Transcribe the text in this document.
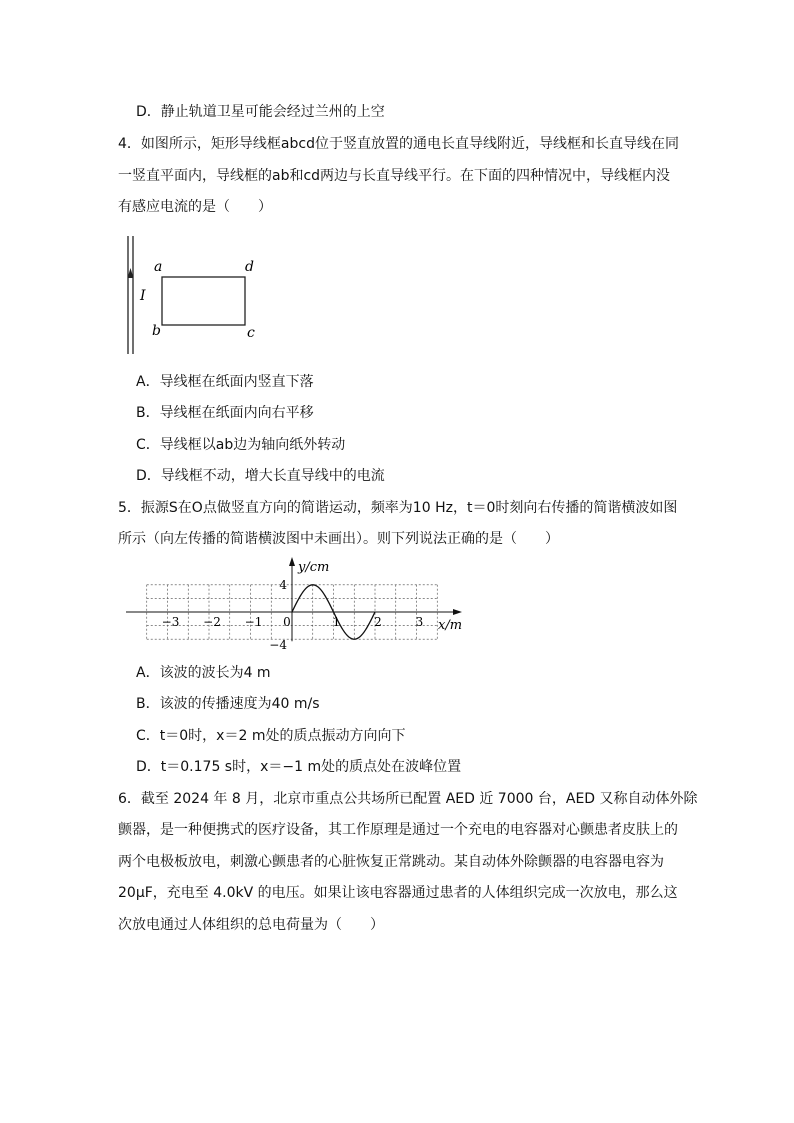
D．静止轨道卫星可能会经过兰州的上空
4．如图所示，矩形导线框abcd位于竖直放置的通电长直导线附近，导线框和长直导线在同
一竖直平面内，导线框的ab和cd两边与长直导线平行。在下面的四种情况中，导线框内没
有感应电流的是（　　）
I
a	d
b	c
A．导线框在纸面内竖直下落
B．导线框在纸面内向右平移
C．导线框以ab边为轴向纸外转动
D．导线框不动，增大长直导线中的电流
5．振源S在O点做竖直方向的简谐运动，频率为10 Hz，t＝0时刻向右传播的简谐横波如图
所示（向左传播的简谐横波图中未画出）。则下列说法正确的是（　　）
−3 −2 −1 0	1	2	3
4
−4
y/cm
x/m
A．该波的波长为4 m
B．该波的传播速度为40 m/s
C．t＝0时，x＝2 m处的质点振动方向向下
D．t＝0.175 s时，x＝−1 m处的质点处在波峰位置
6．截至 2024 年 8 月，北京市重点公共场所已配置 AED 近 7000 台，AED 又称自动体外除
颤器，是一种便携式的医疗设备，其工作原理是通过一个充电的电容器对心颤患者皮肤上的
两个电极板放电，刺激心颤患者的心脏恢复正常跳动。某自动体外除颤器的电容器电容为
20μF，充电至 4.0kV 的电压。如果让该电容器通过患者的人体组织完成一次放电，那么这
次放电通过人体组织的总电荷量为（　　）
